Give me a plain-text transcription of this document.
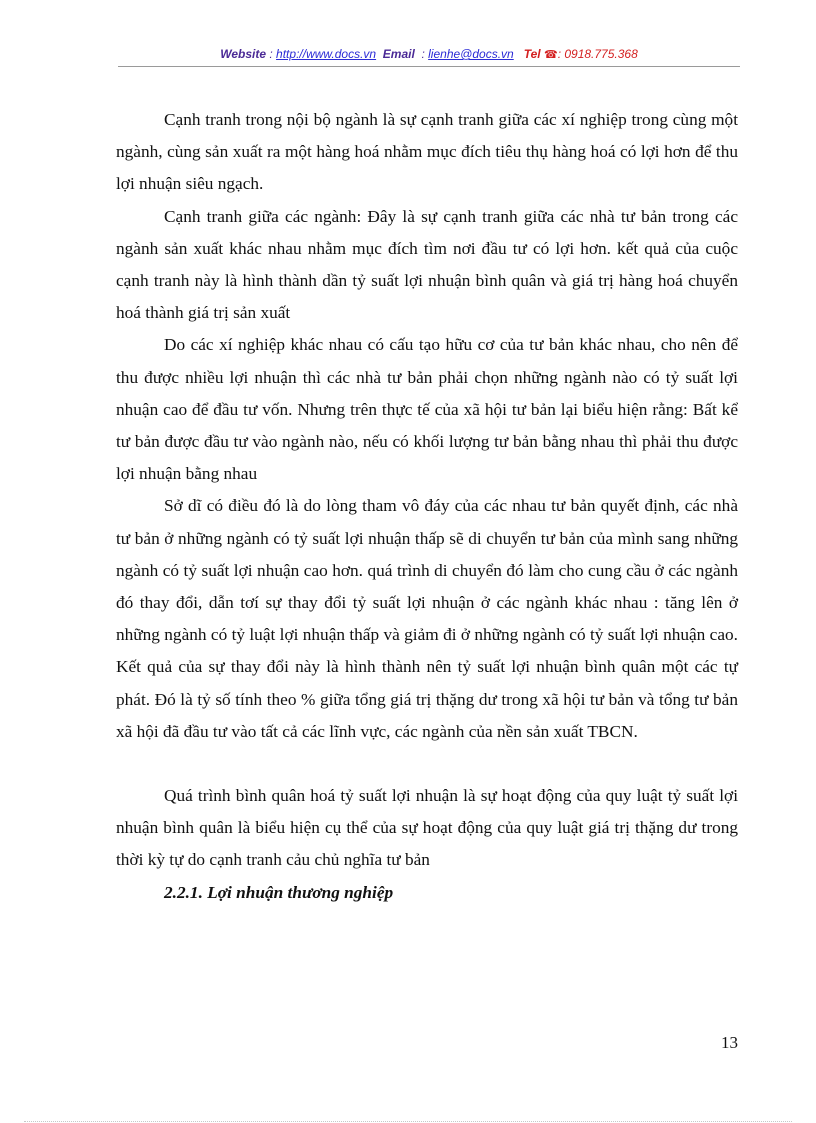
Website : http://www.docs.vn Email  : lienhe@docs.vn Tel ☎: 0918.775.368

Cạnh tranh trong nội bộ ngành là sự cạnh tranh giữa các xí nghiệp trong cùng một ngành, cùng sản xuất ra một hàng hoá nhằm mục đích tiêu thụ hàng hoá có lợi hơn để thu lợi nhuận siêu ngạch.

Cạnh tranh giữa các ngành: Đây là sự cạnh tranh giữa các nhà tư bản trong các ngành sản xuất khác nhau nhằm mục đích tìm nơi đầu tư có lợi hơn. kết quả của cuộc cạnh tranh này là hình thành dần tỷ suất lợi nhuận bình quân và giá trị hàng hoá chuyển hoá thành giá trị sản xuất

Do các xí nghiệp khác nhau có cấu tạo hữu cơ của tư bản khác nhau, cho nên để thu được nhiều lợi nhuận thì các nhà tư bản phải chọn những ngành nào có tỷ suất lợi nhuận cao để đầu tư vốn. Nhưng trên thực tế của xã hội tư bản lại biểu hiện rằng: Bất kể tư bản được đầu tư vào ngành nào, nếu có khối lượng tư bản bằng nhau thì phải thu được lợi nhuận bằng nhau

Sở dĩ có điều đó là do lòng tham vô đáy của các nhau tư bản quyết định, các nhà tư bản ở những ngành có tỷ suất lợi nhuận thấp sẽ di chuyển tư bản của mình sang những ngành có tỷ suất lợi nhuận cao hơn. quá trình di chuyển đó làm cho cung cầu ở các ngành đó thay đổi, dẫn tơí sự thay đổi tỷ suất lợi nhuận ở các ngành khác nhau : tăng lên ở những ngành có tỷ luật lợi nhuận thấp và giảm đi ở những ngành có tỷ suất lợi nhuận cao. Kết quả của sự thay đổi này là hình thành nên tỷ suất lợi nhuận bình quân một các tự phát. Đó là tỷ số tính theo % giữa tổng giá trị thặng dư trong xã hội tư bản và tổng tư bản xã hội đã đầu tư vào tất cả các lĩnh vực, các ngành của nền sản xuất TBCN.

Quá trình bình quân hoá tỷ suất lợi nhuận là sự hoạt động của quy luật tỷ suất lợi nhuận bình quân là biểu hiện cụ thể của sự hoạt động của quy luật giá trị thặng dư trong thời kỳ tự do cạnh tranh cảu chủ nghĩa tư bản

2.2.1. Lợi nhuận thương nghiệp
13
